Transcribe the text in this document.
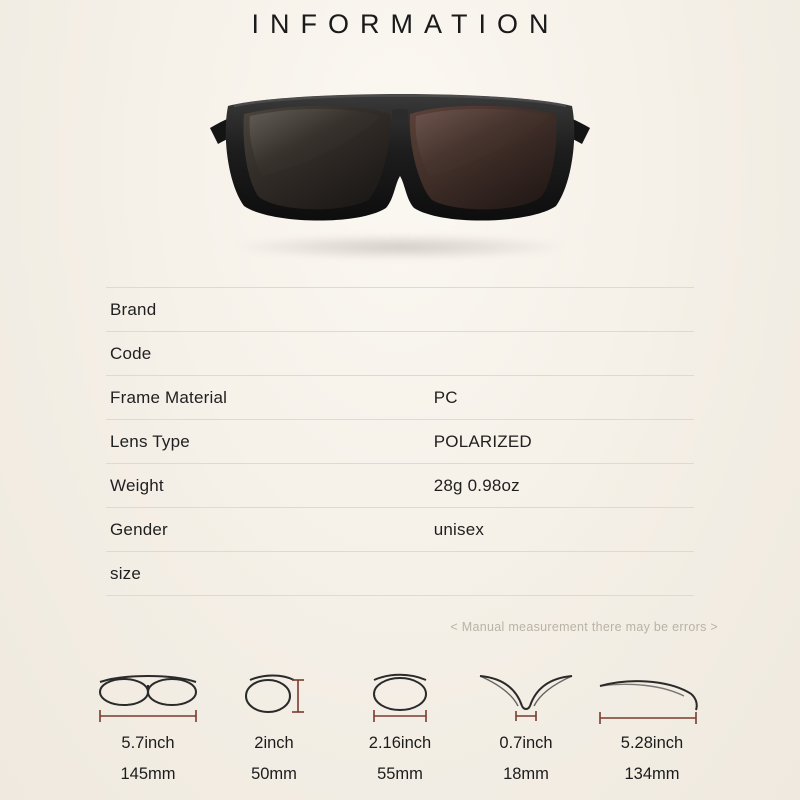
INFORMATION
Brand	
Code	
Frame Material	PC
Lens Type	POLARIZED
Weight	28g 0.98oz
Gender	unisex
size	
< Manual measurement there may be errors >
5.7inch
145mm
2inch
50mm
2.16inch
55mm
0.7inch
18mm
5.28inch
134mm
